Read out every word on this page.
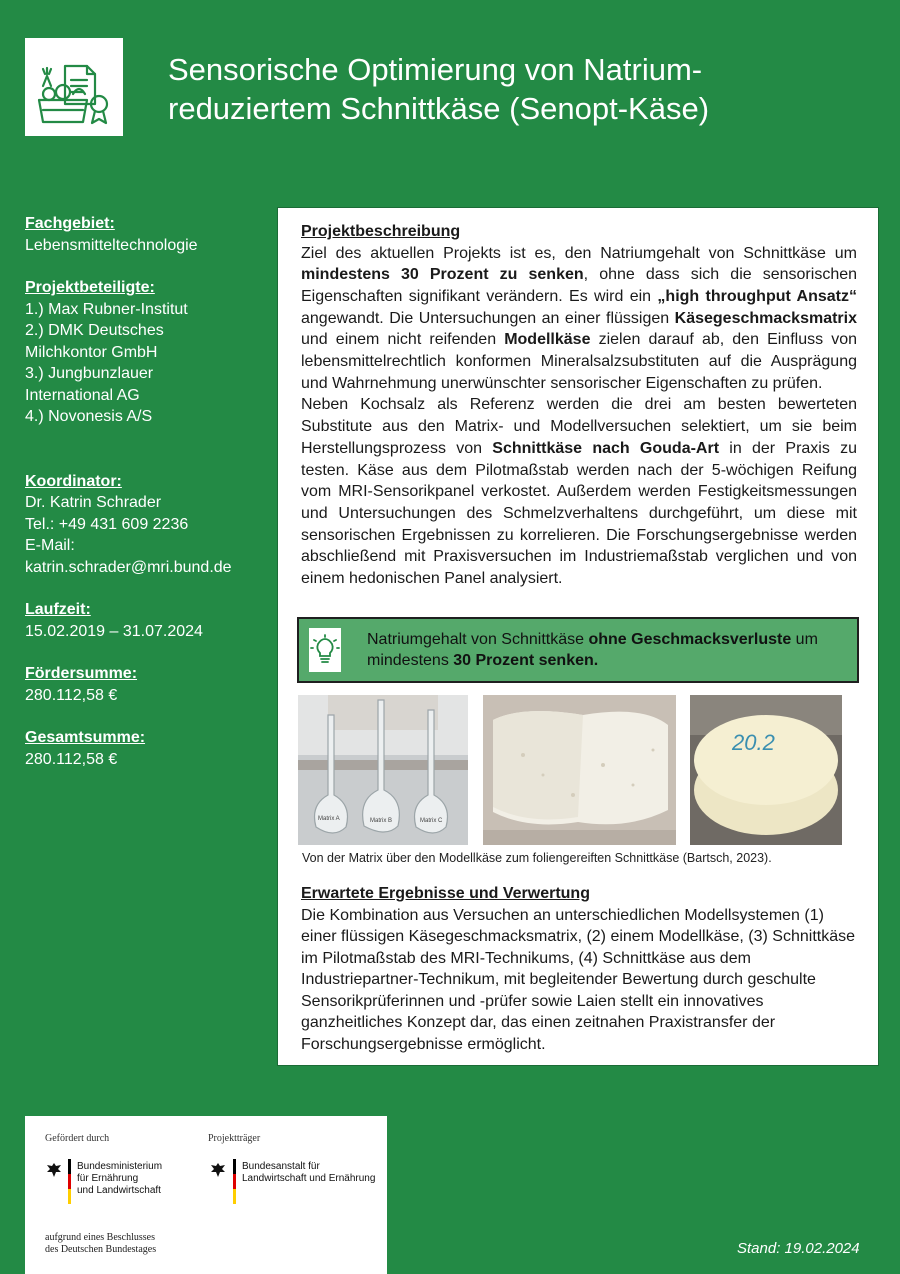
Sensorische Optimierung von Natrium-
reduziertem Schnittkäse (Senopt-Käse)
Fachgebiet:
Lebensmitteltechnologie
Projektbeteiligte:
1.) Max Rubner-Institut
2.) DMK Deutsches
Milchkontor GmbH
3.) Jungbunzlauer
International AG
4.) Novonesis A/S
Koordinator:
Dr. Katrin Schrader
Tel.: +49 431 609 2236
E-Mail:
katrin.schrader@mri.bund.de
Laufzeit:
15.02.2019 – 31.07.2024
Fördersumme:
280.112,58 €
Gesamtsumme:
280.112,58 €
Projektbeschreibung

Ziel des aktuellen Projekts ist es, den Natriumgehalt von Schnittkäse um mindestens 30 Prozent zu senken, ohne dass sich die sensorischen Eigenschaften signifikant verändern. Es wird ein „high throughput Ansatz“ angewandt. Die Untersuchungen an einer flüssigen Käsegeschmacksmatrix und einem nicht reifenden Modellkäse zielen darauf ab, den Einfluss von lebensmittelrechtlich konformen Mineralsalzsubstituten auf die Ausprägung und Wahrnehmung unerwünschter sensorischer Eigenschaften zu prüfen.

Neben Kochsalz als Referenz werden die drei am besten bewerteten Substitute aus den Matrix- und Modellversuchen selektiert, um sie beim Herstellungsprozess von Schnittkäse nach Gouda-Art in der Praxis zu testen. Käse aus dem Pilotmaßstab werden nach der 5-wöchigen Reifung vom MRI-Sensorikpanel verkostet. Außerdem werden Festigkeitsmessungen und Untersuchungen des Schmelzverhaltens durchgeführt, um diese mit sensorischen Ergebnissen zu korrelieren. Die Forschungsergebnisse werden abschließend mit Praxisversuchen im Industriemaßstab verglichen und von einem hedonischen Panel analysiert.

Natriumgehalt von Schnittkäse ohne Geschmacksverluste um mindestens 30 Prozent senken.
Matrix A	Matrix B	Matrix C
20.2
Von der Matrix über den Modellkäse zum foliengereiften Schnittkäse (Bartsch, 2023).
Erwartete Ergebnisse und Verwertung

Die Kombination aus Versuchen an unterschiedlichen Modellsystemen (1) einer flüssigen Käsegeschmacksmatrix, (2) einem Modellkäse, (3) Schnittkäse im Pilotmaßstab des MRI-Technikums, (4) Schnittkäse aus dem Industriepartner-Technikum, mit begleitender Bewertung durch geschulte Sensorikprüferinnen und -prüfer sowie Laien stellt ein innovatives ganzheitliches Konzept dar, das einen zeitnahen Praxistransfer der Forschungsergebnisse ermöglicht.

Gefördert durch
Bundesministerium
für Ernährung
und Landwirtschaft
Projektträger
Bundesanstalt für
Landwirtschaft und Ernährung
aufgrund eines Beschlusses
des Deutschen Bundestages	Stand: 19.02.2024
